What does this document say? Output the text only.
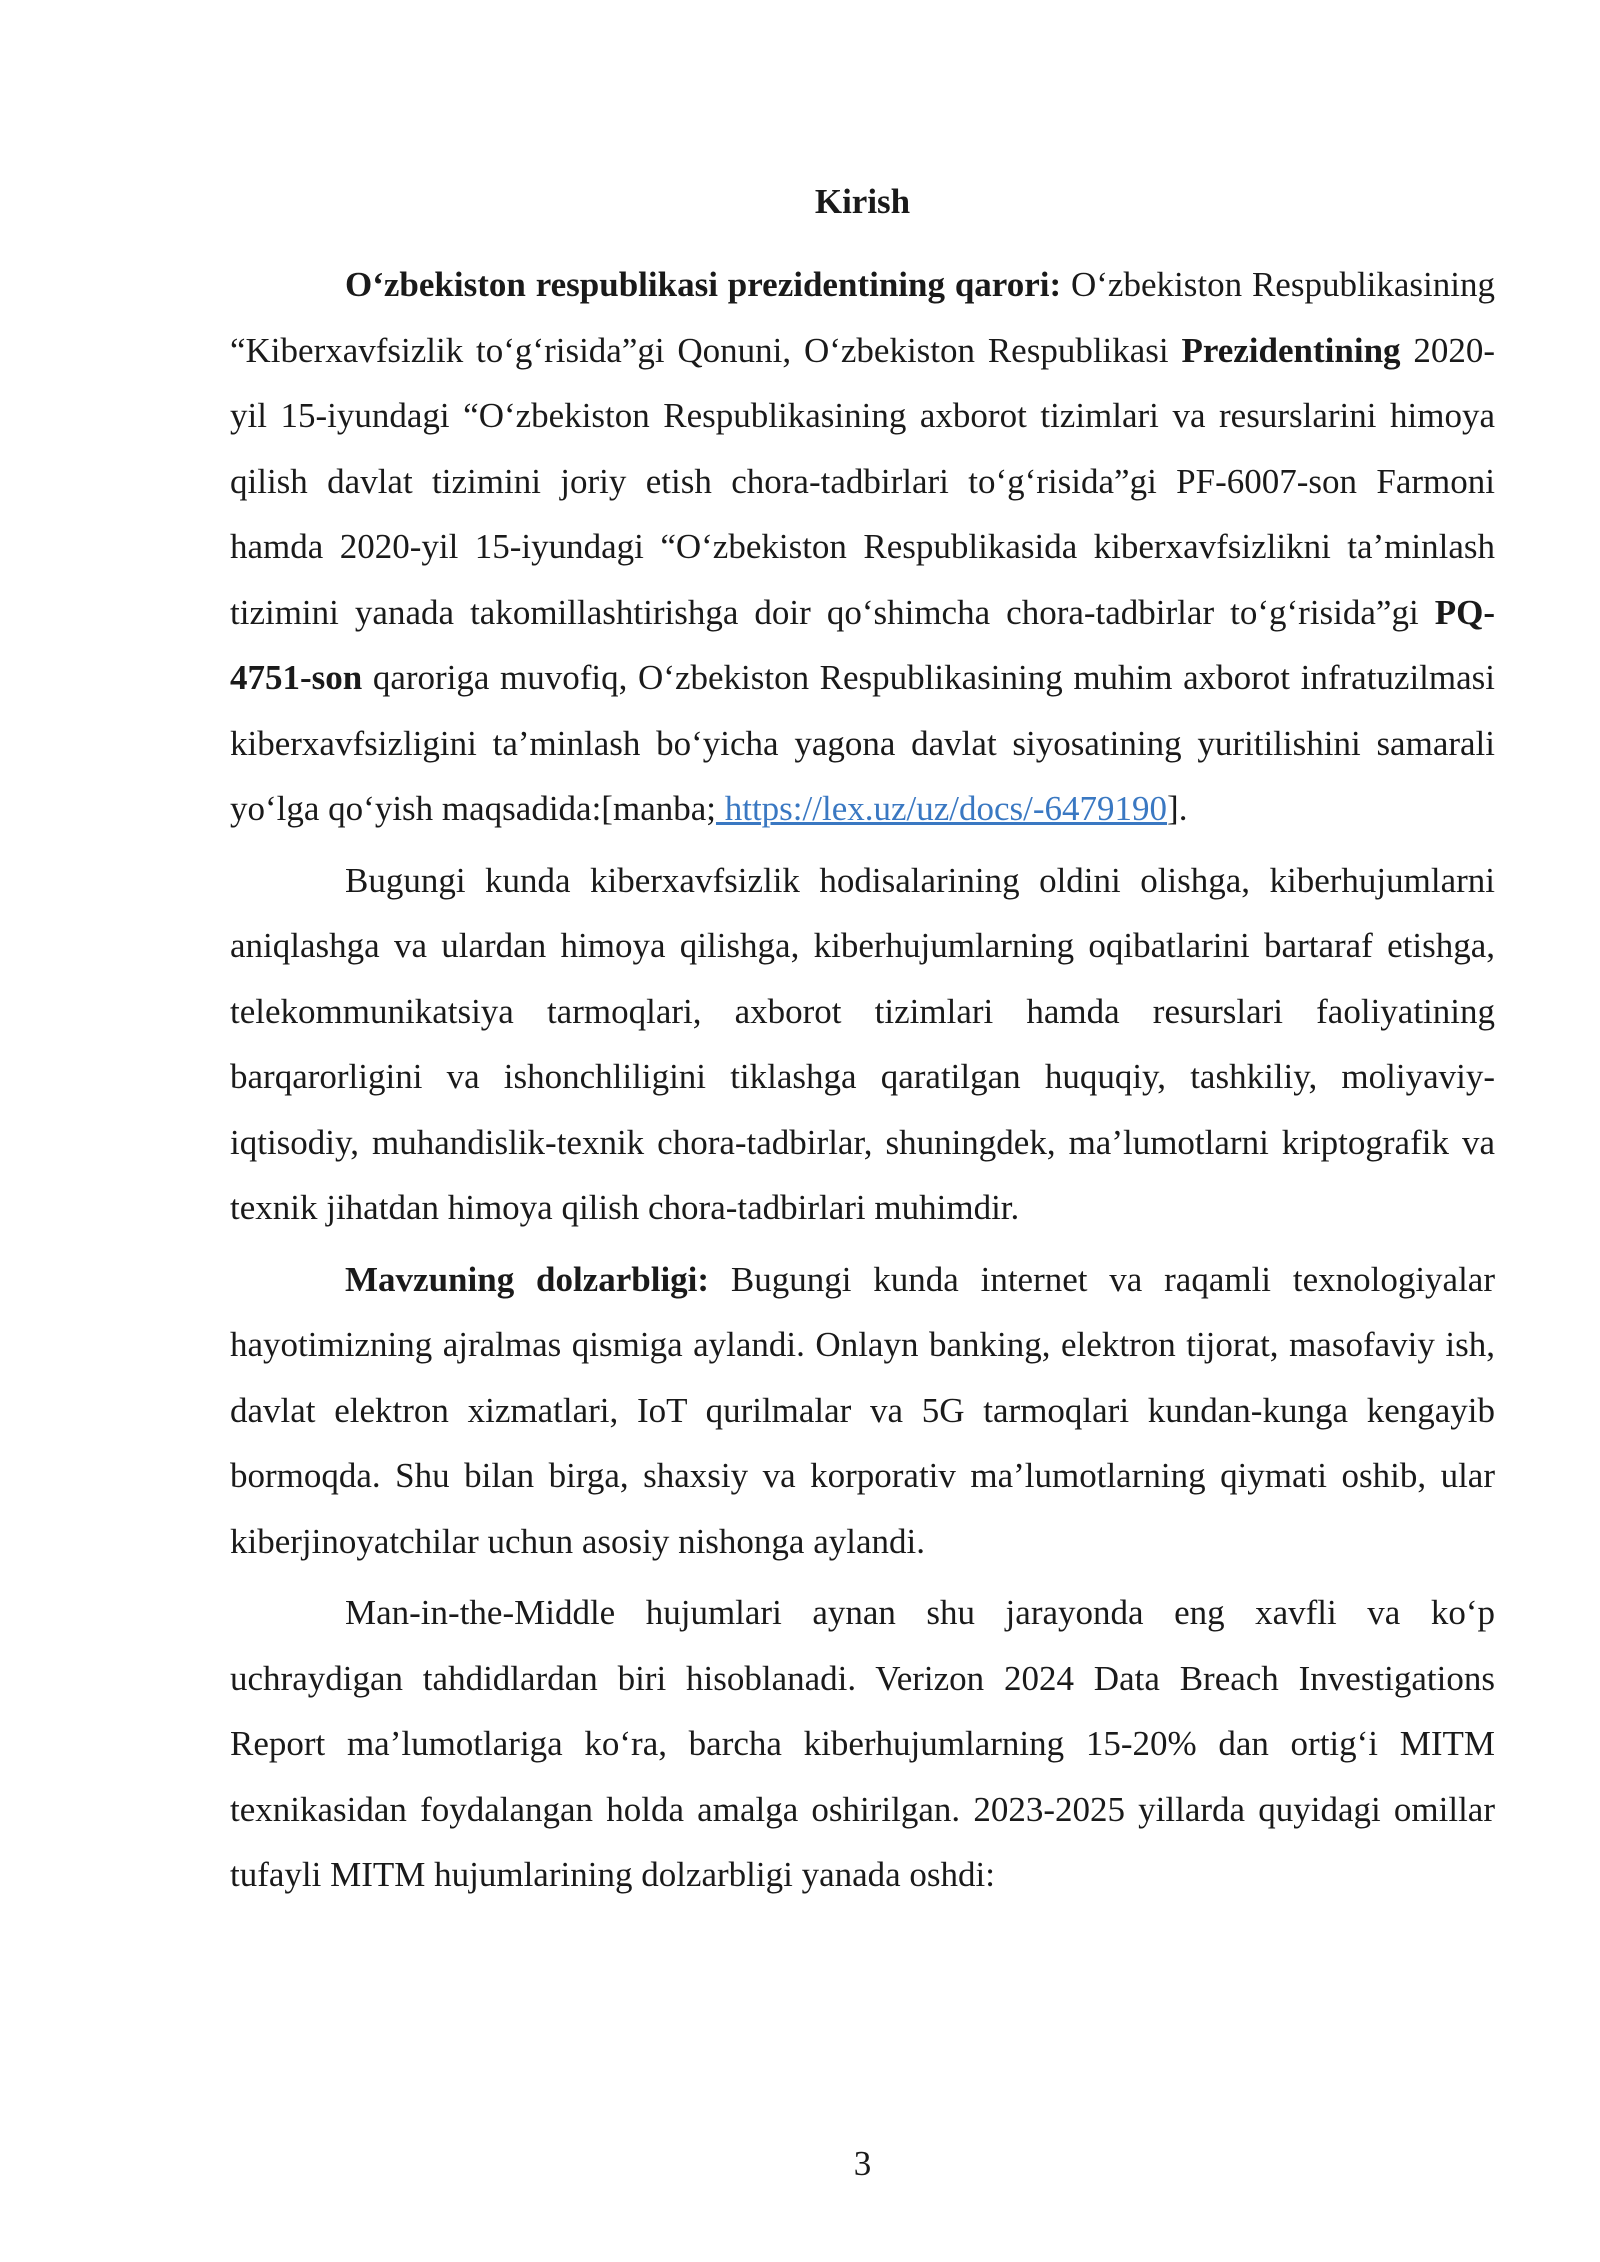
Kirish

O‘zbekiston respublikasi prezidentining qarori: O‘zbekiston Respublikasining “Kiberxavfsizlik to‘g‘risida”gi Qonuni, O‘zbekiston Respublikasi Prezidentining 2020-yil 15-iyundagi “O‘zbekiston Respublikasining axborot tizimlari va resurslarini himoya qilish davlat tizimini joriy etish chora-tadbirlari to‘g‘risida”gi PF-6007-son Farmoni hamda 2020-yil 15-iyundagi “O‘zbekiston Respublikasida kiberxavfsizlikni ta’minlash tizimini yanada takomillashtirishga doir qo‘shimcha chora-tadbirlar to‘g‘risida”gi PQ-4751-son qaroriga muvofiq, O‘zbekiston Respublikasining muhim axborot infratuzilmasi kiberxavfsizligini ta’minlash bo‘yicha yagona davlat siyosatining yuritilishini samarali yo‘lga qo‘yish maqsadida:[manba; https://lex.uz/uz/docs/-6479190].

Bugungi kunda kiberxavfsizlik hodisalarining oldini olishga, kiberhujumlarni aniqlashga va ulardan himoya qilishga, kiberhujumlarning oqibatlarini bartaraf etishga, telekommunikatsiya tarmoqlari, axborot tizimlari hamda resurslari faoliyatining barqarorligini va ishonchliligini tiklashga qaratilgan huquqiy, tashkiliy, moliyaviy-iqtisodiy, muhandislik-texnik chora-tadbirlar, shuningdek, ma’lumotlarni kriptografik va texnik jihatdan himoya qilish chora-tadbirlari muhimdir.

Mavzuning dolzarbligi: Bugungi kunda internet va raqamli texnologiyalar hayotimizning ajralmas qismiga aylandi. Onlayn banking, elektron tijorat, masofaviy ish, davlat elektron xizmatlari, IoT qurilmalar va 5G tarmoqlari kundan-kunga kengayib bormoqda. Shu bilan birga, shaxsiy va korporativ ma’lumotlarning qiymati oshib, ular kiberjinoyatchilar uchun asosiy nishonga aylandi.

Man-in-the-Middle hujumlari aynan shu jarayonda eng xavfli va ko‘p uchraydigan tahdidlardan biri hisoblanadi. Verizon 2024 Data Breach Investigations Report ma’lumotlariga ko‘ra, barcha kiberhujumlarning 15-20% dan ortig‘i MITM texnikasidan foydalangan holda amalga oshirilgan. 2023-2025 yillarda quyidagi omillar tufayli MITM hujumlarining dolzarbligi yanada oshdi:

3
